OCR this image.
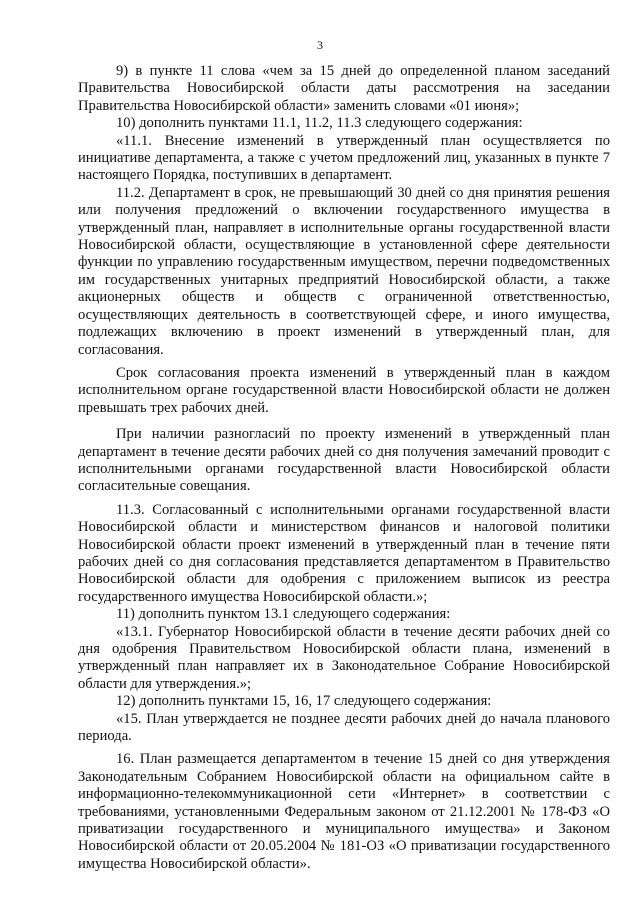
3

9) в пункте 11 слова «чем за 15 дней до определенной планом заседаний Правительства Новосибирской области даты рассмотрения на заседании Правительства Новосибирской области» заменить словами «01 июня»;

10) дополнить пунктами 11.1, 11.2, 11.3 следующего содержания:

«11.1. Внесение изменений в утвержденный план осуществляется по инициативе департамента, а также с учетом предложений лиц, указанных в пункте 7 настоящего Порядка, поступивших в департамент.

11.2. Департамент в срок, не превышающий 30 дней со дня принятия решения или получения предложений о включении государственного имущества в утвержденный план, направляет в исполнительные органы государственной власти Новосибирской области, осуществляющие в установленной сфере деятельности функции по управлению государственным имуществом, перечни подведомственных им государственных унитарных предприятий Новосибирской области, а также акционерных обществ и обществ с ограниченной ответственностью, осуществляющих деятельность в соответствующей сфере, и иного имущества, подлежащих включению в проект изменений в утвержденный план, для согласования.

Срок согласования проекта изменений в утвержденный план в каждом исполнительном органе государственной власти Новосибирской области не должен превышать трех рабочих дней.

При наличии разногласий по проекту изменений в утвержденный план департамент в течение десяти рабочих дней со дня получения замечаний проводит с исполнительными органами государственной власти Новосибирской области согласительные совещания.

11.3. Согласованный с исполнительными органами государственной власти Новосибирской области и министерством финансов и налоговой политики Новосибирской области проект изменений в утвержденный план в течение пяти рабочих дней со дня согласования представляется департаментом в Правительство Новосибирской области для одобрения с приложением выписок из реестра государственного имущества Новосибирской области.»;

11) дополнить пунктом 13.1 следующего содержания:

«13.1. Губернатор Новосибирской области в течение десяти рабочих дней со дня одобрения Правительством Новосибирской области плана, изменений в утвержденный план направляет их в Законодательное Собрание Новосибирской области для утверждения.»;

12) дополнить пунктами 15, 16, 17 следующего содержания:

«15. План утверждается не позднее десяти рабочих дней до начала планового периода.

16. План размещается департаментом в течение 15 дней со дня утверждения Законодательным Собранием Новосибирской области на официальном сайте в информационно-телекоммуникационной сети «Интернет» в соответствии с требованиями, установленными Федеральным законом от 21.12.2001 № 178-ФЗ «О приватизации государственного и муниципального имущества» и Законом Новосибирской области от 20.05.2004 № 181-ОЗ «О приватизации государственного имущества Новосибирской области».
